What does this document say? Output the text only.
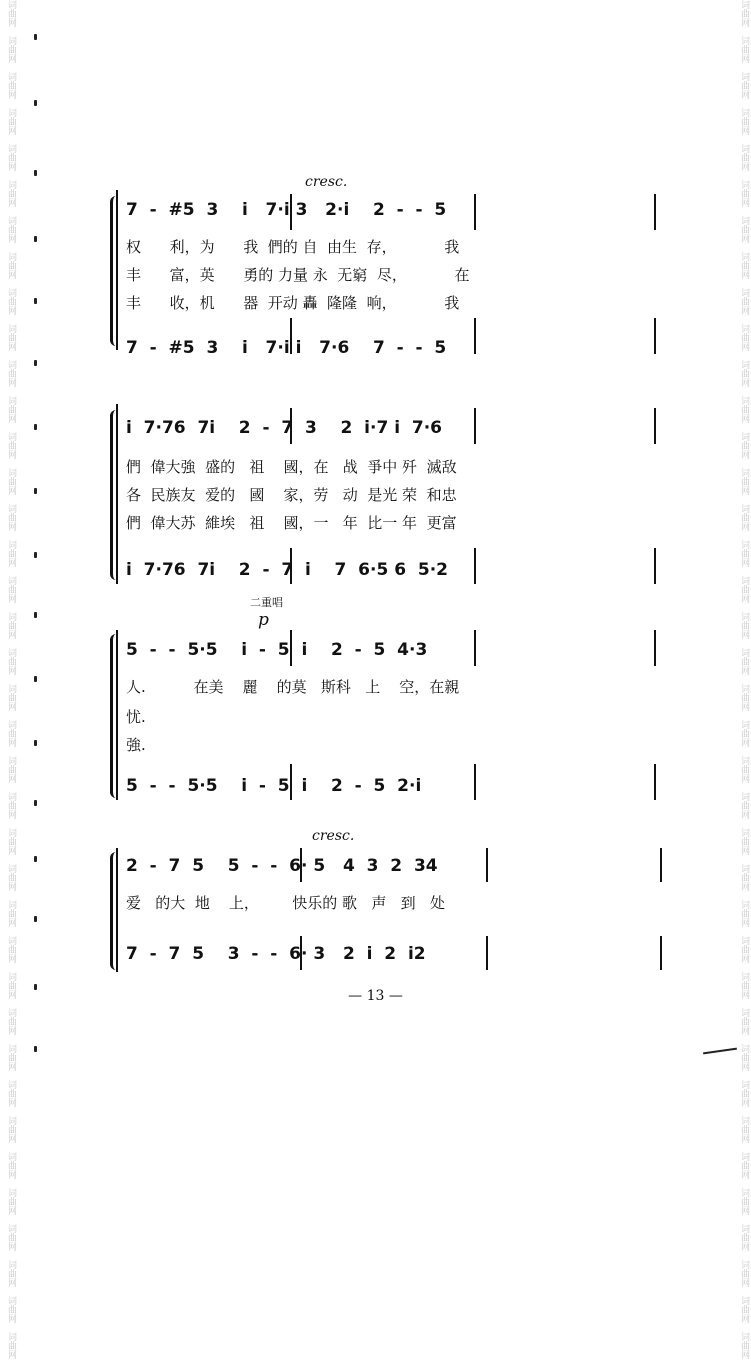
词曲网　词曲网　词曲网　词曲网　词曲网　词曲网　词曲网　词曲网　词曲网　词曲网　词曲网　词曲网　词曲网　词曲网　词曲网　词曲网　词曲网　词曲网　词曲网　词曲网　词曲网　词曲网　词曲网　词曲网　词曲网　词曲网　词曲网　词曲网　词曲网　词曲网　词曲网　词曲网　词曲网　词曲网　词曲网　词曲网　词曲网　词曲网　	词曲网　词曲网　词曲网　词曲网　词曲网　词曲网　词曲网　词曲网　词曲网　词曲网　词曲网　词曲网　词曲网　词曲网　词曲网　词曲网　词曲网　词曲网　词曲网　词曲网　词曲网　词曲网　词曲网　词曲网　词曲网　词曲网　词曲网　词曲网　词曲网　词曲网　词曲网　词曲网　词曲网　词曲网　词曲网　词曲网　词曲网　词曲网　
cresc.
cresc.
p
二重唱
7  -  #5  3    i   7·i 3   2·i    2  -  -  5
权      利，为      我  們的 自  由生  存，          我
丰      富，英      勇的 力量 永  无窮  尽，          在
丰      收，机      器  开动 轟  隆隆  响，          我
7  -  #5  3    i   7·i i   7·6    7  -  -  5
i  7·76  7i    2  -  7  3    2  i·7 i  7·6
們  偉大強  盛的   祖    國，在   战  爭中 歼  滅敌
各  民族友  爱的   國    家，劳   动  是光 荣  和忠
們  偉大苏  維埃   祖    國，一   年  比一 年  更富
i  7·76  7i    2  -  7  i    7  6·5 6  5·2
5  -  -  5·5    i  -  5  i    2  -  5  4·3
人.          在美    麗    的莫   斯科   上    空，在親
忧.
強.
5  -  -  5·5    i  -  5  i    2  -  5  2·i
2  -  7  5    5  -  -  6· 5   4  3  2  34
爱   的大  地    上，       快乐的 歌   声   到   处
7  -  7  5    3  -  -  6· 3   2  i  2  i2
— 13 —
